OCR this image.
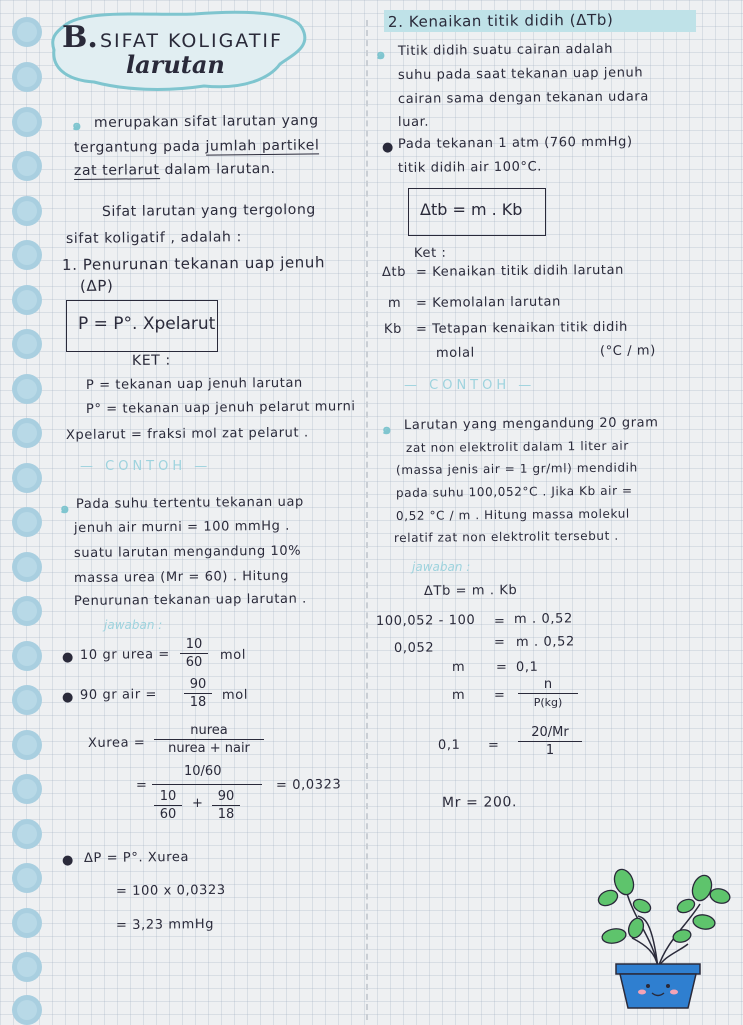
B. SIFAT KOLIGATIF
larutan
๑ merupakan sifat larutan yang
tergantung pada jumlah partikel
zat terlarut dalam larutan.
Sifat larutan yang tergolong
sifat koligatif , adalah :
1. Penurunan tekanan uap jenuh
(ΔP)
P = P°. Xpelarut
KET :
P = tekanan uap jenuh larutan
P° = tekanan uap jenuh pelarut murni
Xpelarut = fraksi mol zat pelarut .
— CONTOH —
๑ Pada suhu tertentu tekanan uap
jenuh air murni = 100 mmHg .
suatu larutan mengandung 10%
massa urea (Mr = 60) . Hitung
Penurunan tekanan uap larutan .
jawaban :
● 10 gr urea =
10
60	mol
● 90 gr air =
90
18	mol
Xurea =
nurea
nurea + nair
=
10/60
10
60
+	90
18
= 0,0323
● ΔP = P°. Xurea
= 100 x 0,0323
= 3,23 mmHg
2. Kenaikan titik didih (ΔTb)
๑ Titik didih suatu cairan adalah
suhu pada saat tekanan uap jenuh
cairan sama dengan tekanan udara
luar.
● Pada tekanan 1 atm (760 mmHg)
titik didih air 100°C.
Δtb = m . Kb
Ket :
Δtb = Kenaikan titik didih larutan
m = Kemolalan larutan
Kb = Tetapan kenaikan titik didih
molal	(°C / m)
— CONTOH —
๑ Larutan yang mengandung 20 gram
zat non elektrolit dalam 1 liter air
(massa jenis air = 1 gr/ml) mendidih
pada suhu 100,052°C . Jika Kb air =
0,52 °C / m . Hitung massa molekul
relatif zat non elektrolit tersebut .
jawaban :
ΔTb = m . Kb
100,052 - 100 = m . 0,52
0,052	= m . 0,52
m = 0,1
m =
n
P(kg)
0,1 =
20/Mr
1
Mr = 200.
